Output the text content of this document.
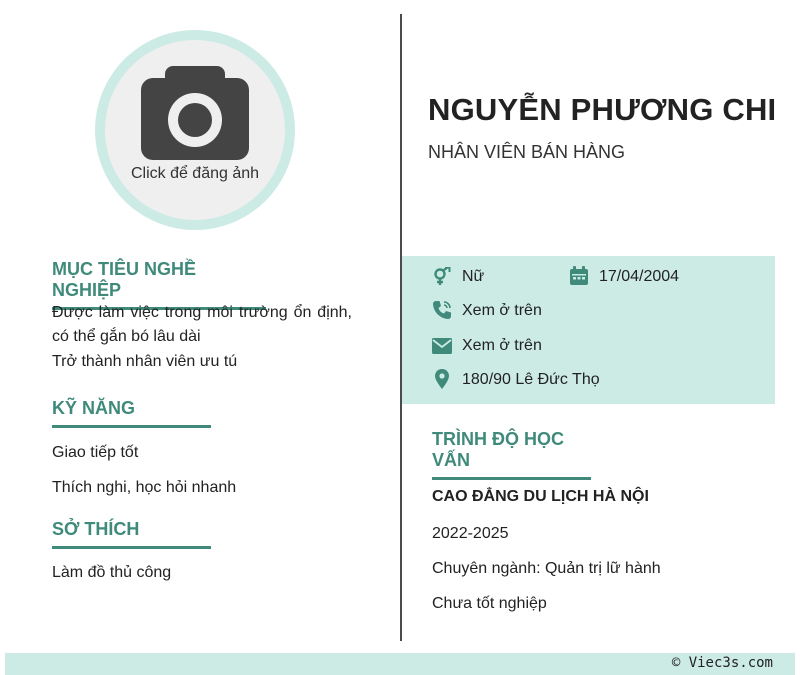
Click để đăng ảnh
NGUYỄN PHƯƠNG CHI
NHÂN VIÊN BÁN HÀNG
MỤC TIÊU NGHỀ NGHIỆP
Được làm việc trong môi trường ổn định, có thể gắn bó lâu dài
Trở thành nhân viên ưu tú
KỸ NĂNG
Giao tiếp tốt
Thích nghi, học hỏi nhanh
SỞ THÍCH
Làm đồ thủ công
Nữ	17/04/2004
Xem ở trên
Xem ở trên
180/90 Lê Đức Thọ
TRÌNH ĐỘ HỌC VẤN
CAO ĐẲNG DU LỊCH HÀ NỘI
2022-2025
Chuyên ngành: Quản trị lữ hành
Chưa tốt nghiệp
© Viec3s.com
